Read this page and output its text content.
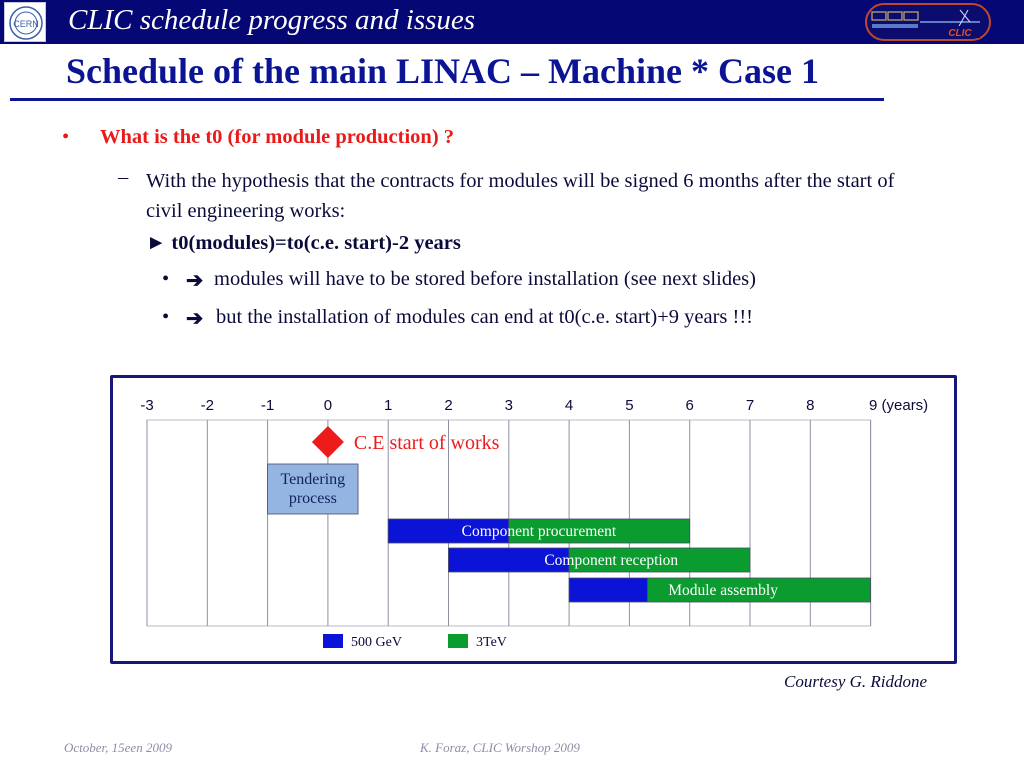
CERN CLIC schedule progress and issues	CLIC
Schedule of the main LINAC – Machine * Case 1
• What is the t0 (for module production) ?
– With the hypothesis that the contracts for modules will be signed 6 months after the start of civil engineering works:
► t0(modules)=to(c.e. start)-2 years
• ➔ modules will have to be stored before installation (see next slides)
• ➔ but the installation of modules can end at t0(c.e. start)+9 years !!!
-3	-2	-1	0	1	2	3	4	5	6	7	8	9 (years)
C.E start of works
Tendering
process
Component procurement
Component reception
Module assembly
500 GeV	3TeV
Courtesy G. Riddone
October, 15een 2009	K. Foraz, CLIC Worshop 2009
